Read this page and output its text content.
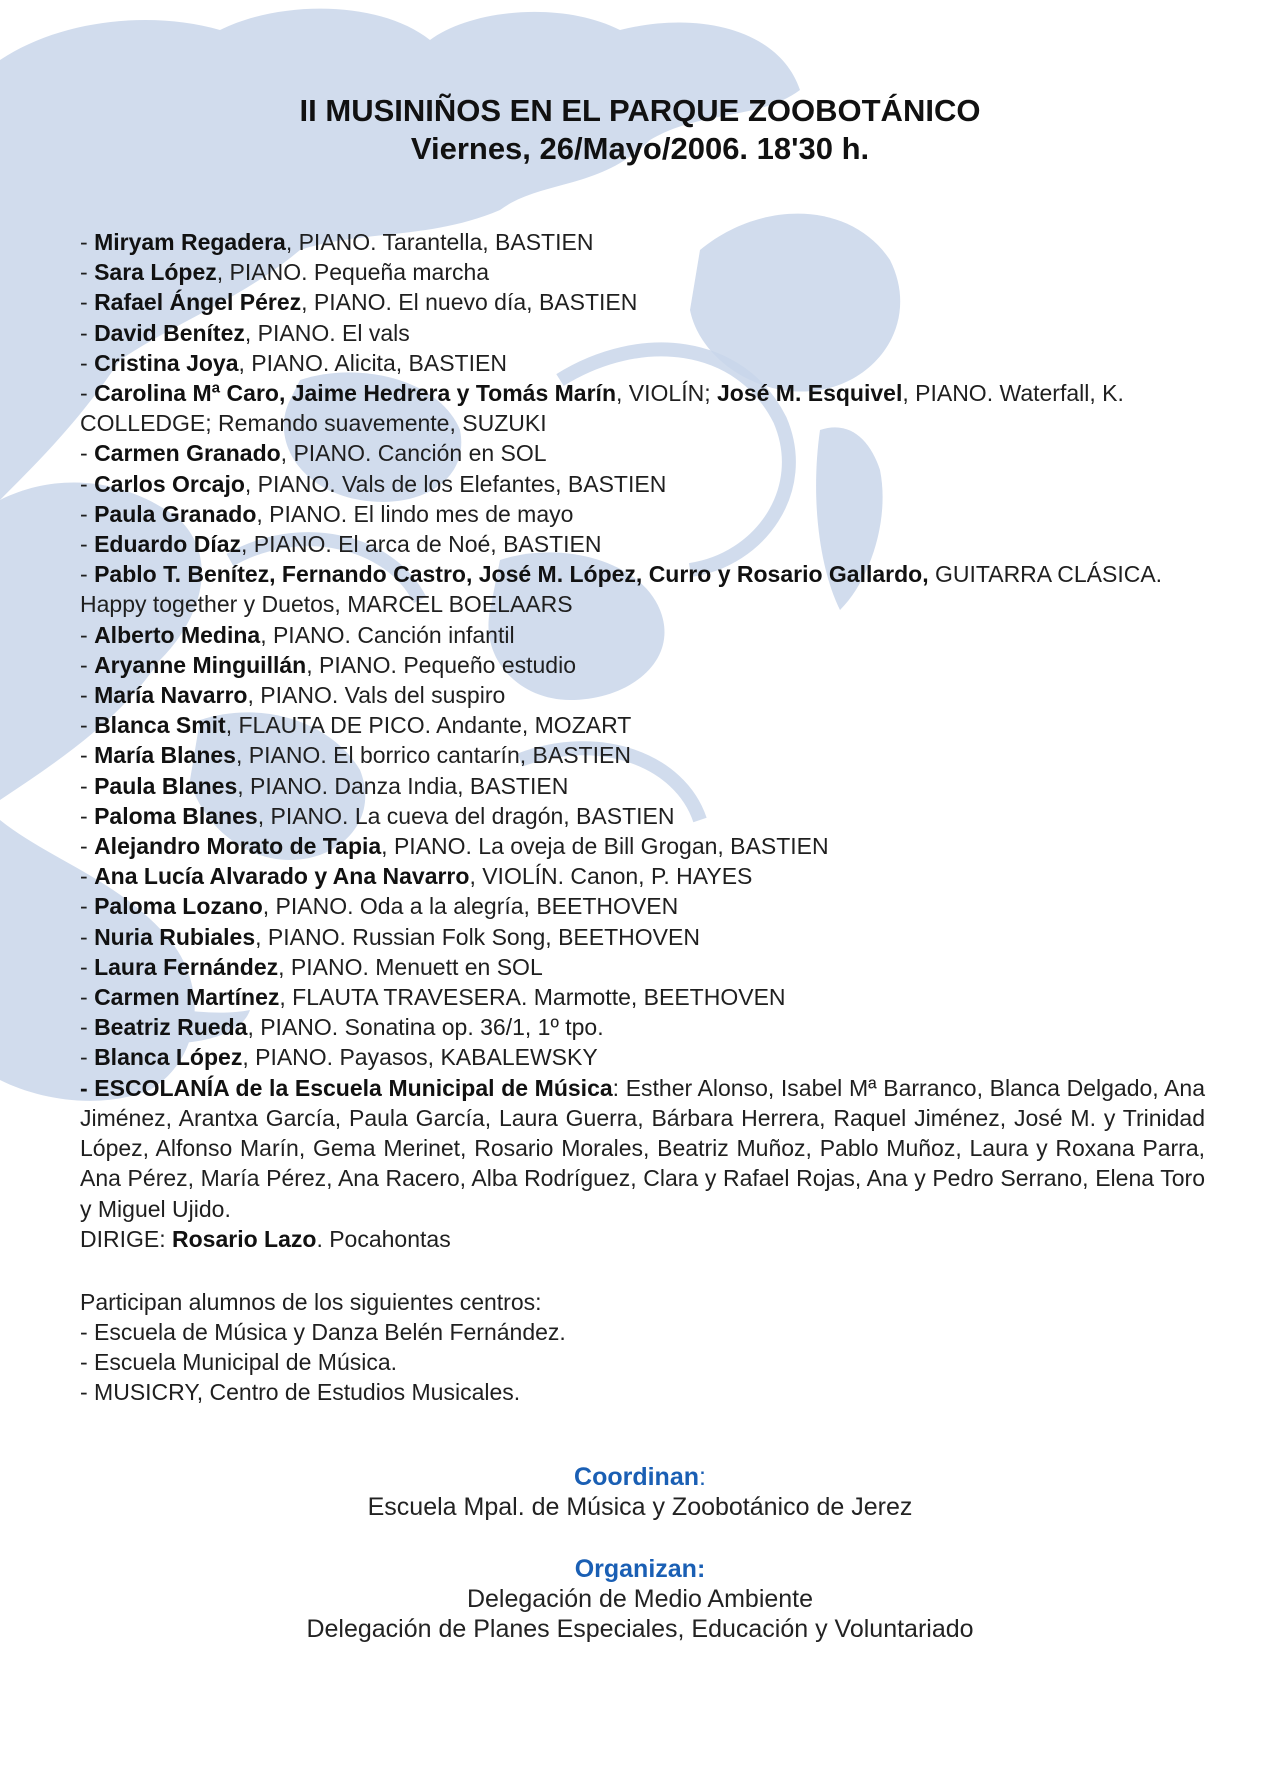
II MUSINIÑOS EN EL PARQUE ZOOBOTÁNICO
Viernes, 26/Mayo/2006. 18'30 h.

- Miryam Regadera, PIANO. Tarantella, BASTIEN

- Sara López, PIANO. Pequeña marcha

- Rafael Ángel Pérez, PIANO. El nuevo día, BASTIEN

- David Benítez, PIANO. El vals

- Cristina Joya, PIANO. Alicita, BASTIEN

- Carolina Mª Caro, Jaime Hedrera y Tomás Marín, VIOLÍN; José M. Esquivel, PIANO. Waterfall, K. COLLEDGE; Remando suavemente, SUZUKI

- Carmen Granado, PIANO. Canción en SOL

- Carlos Orcajo, PIANO. Vals de los Elefantes, BASTIEN

- Paula Granado, PIANO. El lindo mes de mayo

- Eduardo Díaz, PIANO. El arca de Noé, BASTIEN

- Pablo T. Benítez, Fernando Castro, José M. López, Curro y Rosario Gallardo, GUITARRA CLÁSICA. Happy together y Duetos, MARCEL BOELAARS

- Alberto Medina, PIANO. Canción infantil

- Aryanne Minguillán, PIANO. Pequeño estudio

- María Navarro, PIANO. Vals del suspiro

- Blanca Smit, FLAUTA DE PICO. Andante, MOZART

- María Blanes, PIANO. El borrico cantarín, BASTIEN

- Paula Blanes, PIANO. Danza India, BASTIEN

- Paloma Blanes, PIANO. La cueva del dragón, BASTIEN

- Alejandro Morato de Tapia, PIANO. La oveja de Bill Grogan, BASTIEN

- Ana Lucía Alvarado y Ana Navarro, VIOLÍN. Canon, P. HAYES

- Paloma Lozano, PIANO. Oda a la alegría, BEETHOVEN

- Nuria Rubiales, PIANO. Russian Folk Song, BEETHOVEN

- Laura Fernández, PIANO. Menuett en SOL

- Carmen Martínez, FLAUTA TRAVESERA. Marmotte, BEETHOVEN

- Beatriz Rueda, PIANO. Sonatina op. 36/1, 1º tpo.

- Blanca López, PIANO. Payasos, KABALEWSKY

- ESCOLANÍA de la Escuela Municipal de Música: Esther Alonso, Isabel Mª Barranco, Blanca Delgado, Ana Jiménez, Arantxa García, Paula García, Laura Guerra, Bárbara Herrera, Raquel Jiménez, José M. y Trinidad López, Alfonso Marín, Gema Merinet, Rosario Morales, Beatriz Muñoz, Pablo Muñoz, Laura y Roxana Parra, Ana Pérez, María Pérez, Ana Racero, Alba Rodríguez, Clara y Rafael Rojas, Ana y Pedro Serrano, Elena Toro y Miguel Ujido.

DIRIGE: Rosario Lazo. Pocahontas

Participan alumnos de los siguientes centros:

- Escuela de Música y Danza Belén Fernández.

- Escuela Municipal de Música.

- MUSICRY, Centro de Estudios Musicales.

Coordinan:

Escuela Mpal. de Música y Zoobotánico de Jerez

Organizan:

Delegación de Medio Ambiente

Delegación de Planes Especiales, Educación y Voluntariado
